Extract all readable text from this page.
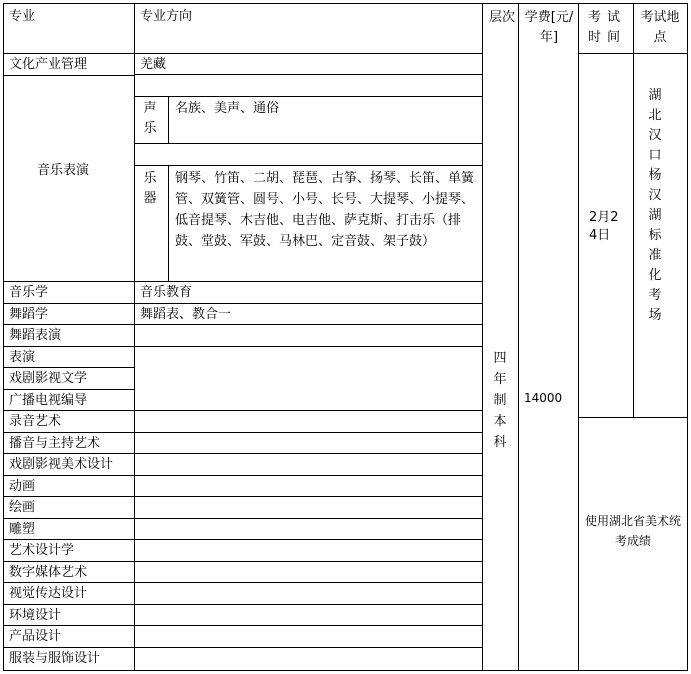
专业	专业方向	层次 学费[元/年]
考试时间
考试地点
文化产业管理
音乐表演
音乐学
舞蹈学
舞蹈表演
表演
戏剧影视文学
广播电视编导
录音艺术
播音与主持艺术
戏剧影视美术设计
动画
绘画
雕塑
艺术设计学
数字媒体艺术
视觉传达设计
环境设计
产品设计
服装与服饰设计
羌藏
声乐
名族、美声、通俗
乐器
钢琴、竹笛、二胡、琵琶、古筝、扬琴、长笛、单簧管、双簧管、圆号、小号、长号、大提琴、小提琴、低音提琴、木吉他、电吉他、萨克斯、打击乐（排鼓、堂鼓、军鼓、马林巴、定音鼓、架子鼓）
音乐教育
舞蹈表、教合一
四年制本科
14000
2月24日
湖北汉口杨汉湖标准化考场
使用湖北省美术统考成绩
